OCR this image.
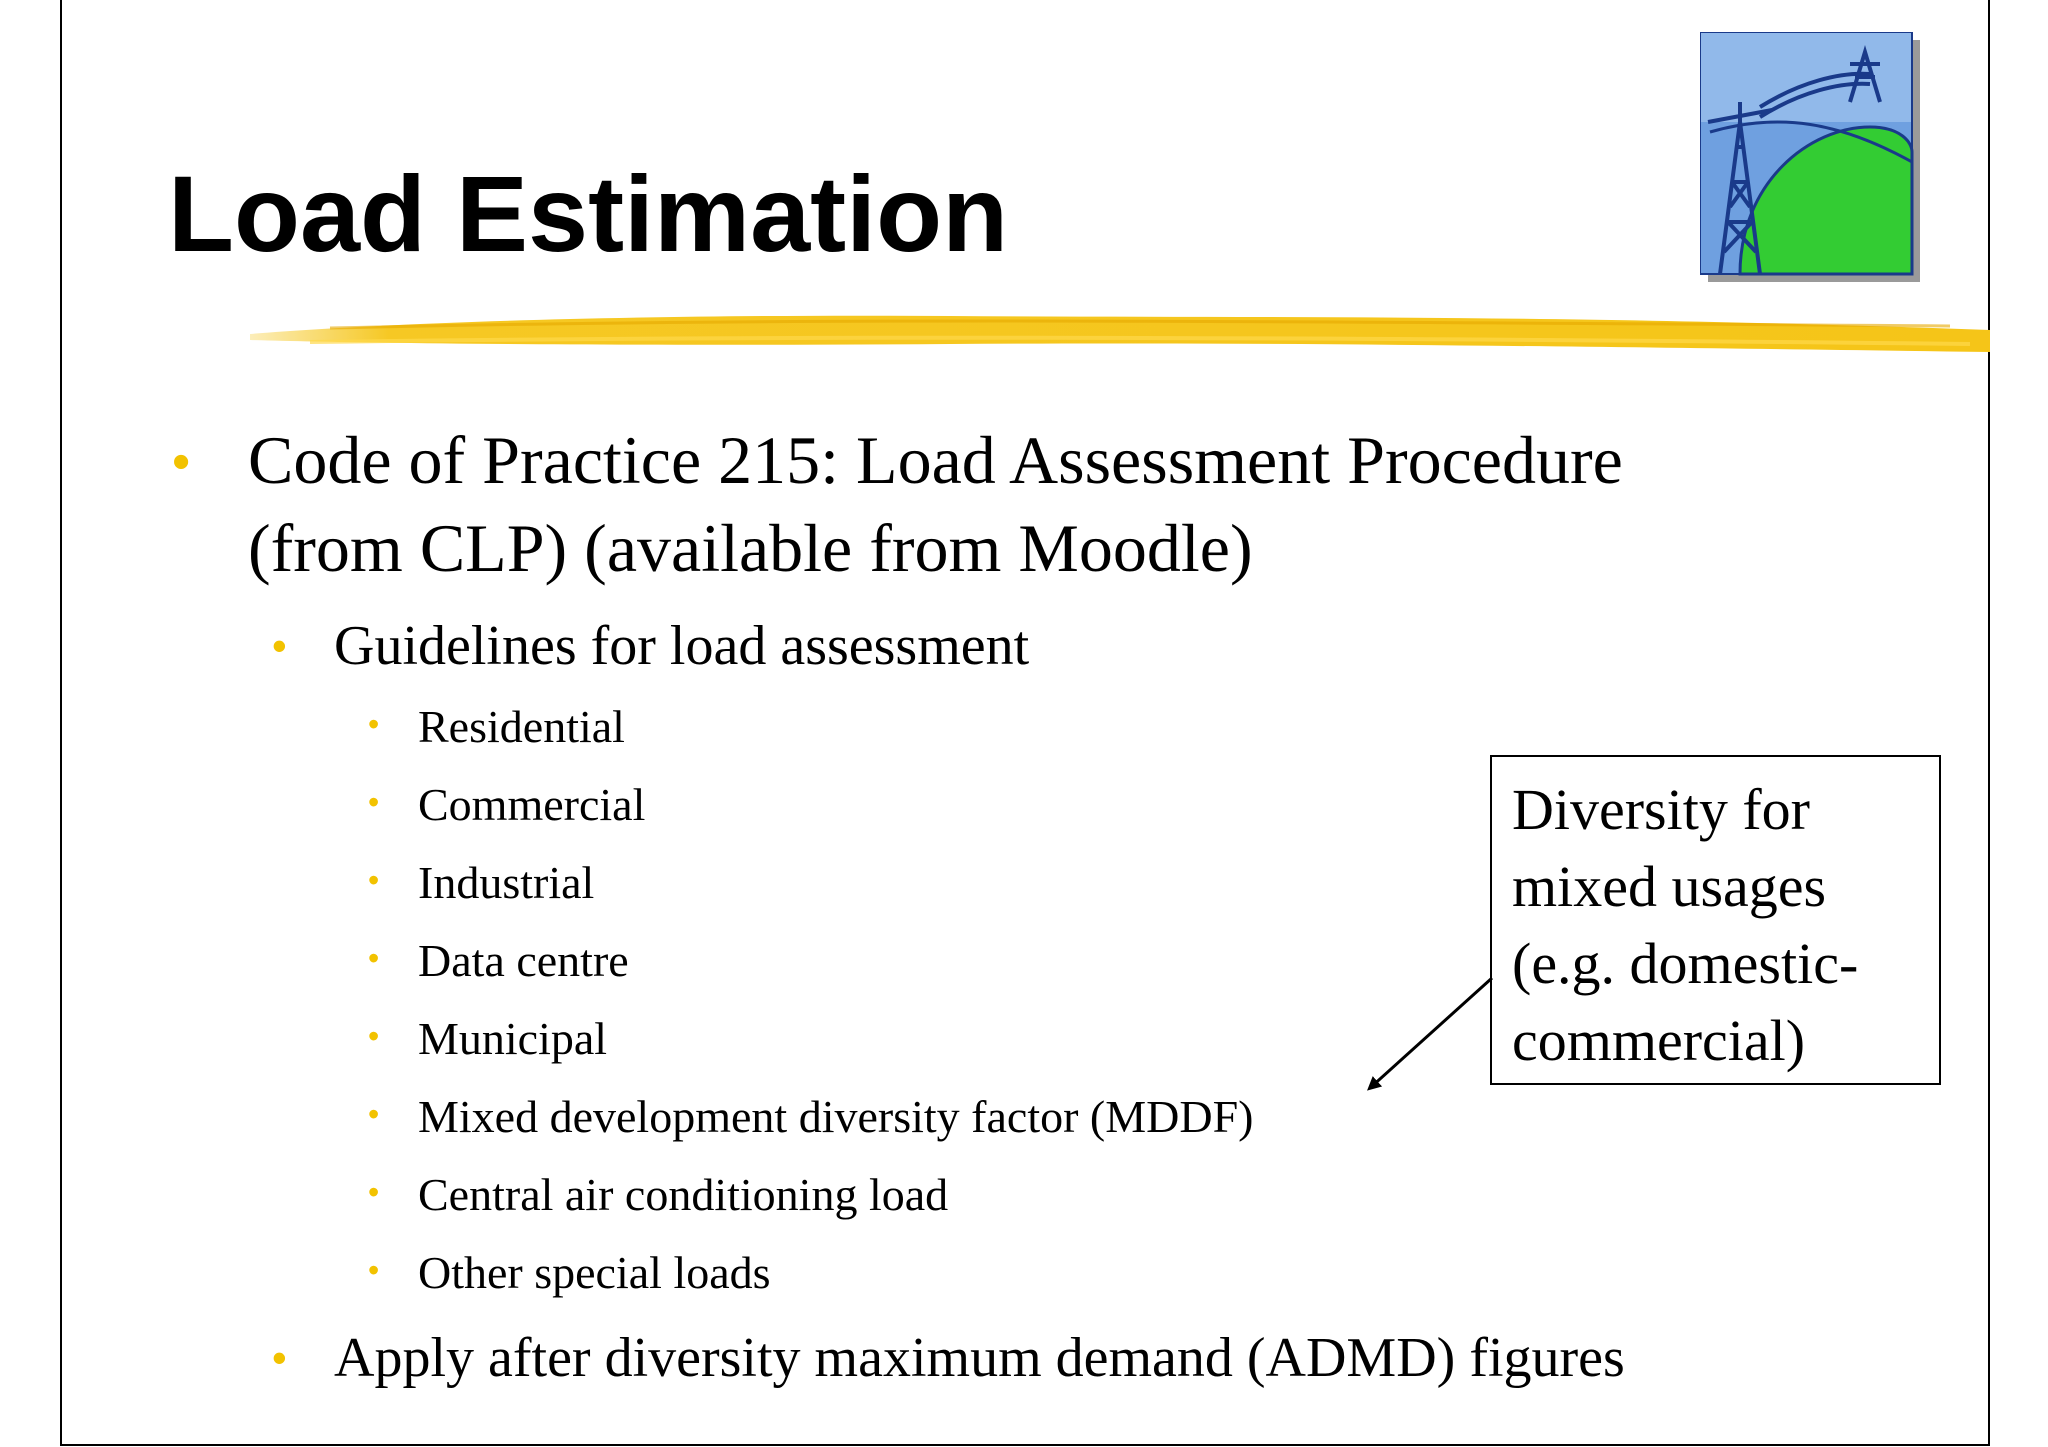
Load Estimation
• Code of Practice 215: Load Assessment Procedure
(from CLP) (available from Moodle)
• Guidelines for load assessment
• Residential
• Commercial
• Industrial
• Data centre
• Municipal
• Mixed development diversity factor (MDDF)
• Central air conditioning load
• Other special loads
• Apply after diversity maximum demand (ADMD) figures
Diversity for
mixed usages
(e.g. domestic-
commercial)
